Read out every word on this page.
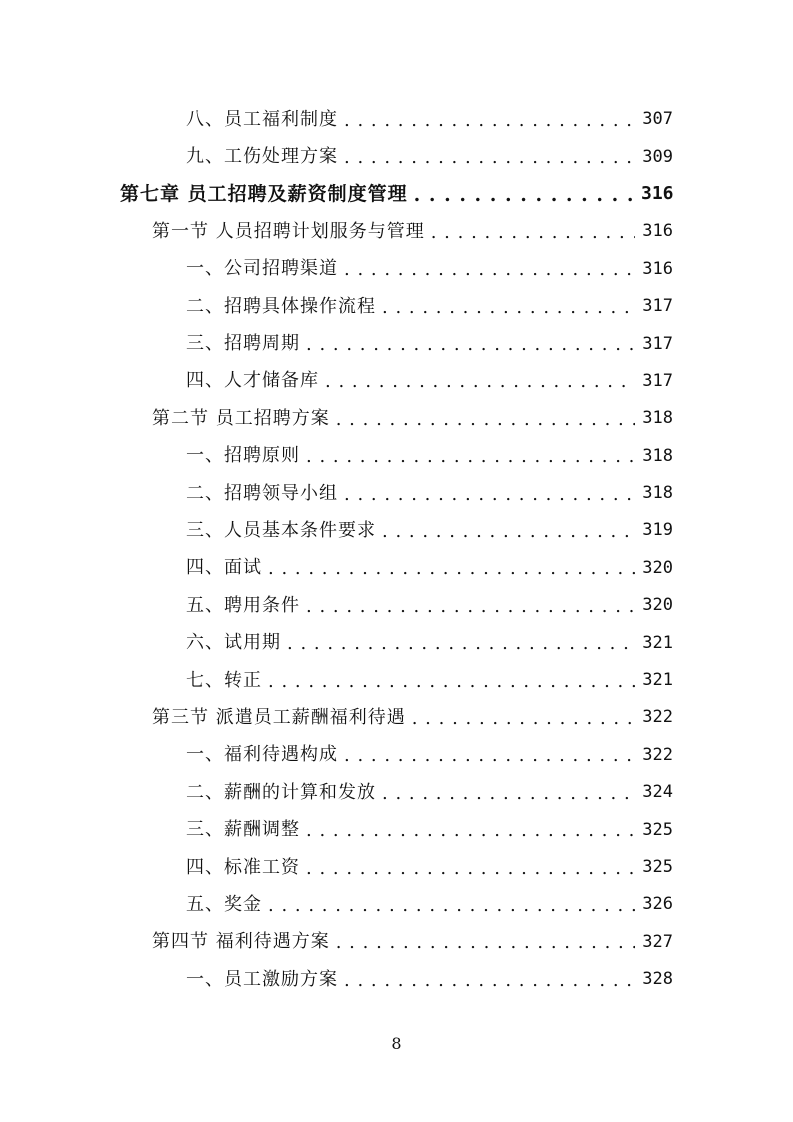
八、员工福利制度 . . .	307
九、工伤处理方案 . . .	309
第七章 员工招聘及薪资制度管理 . . .	316
第一节 人员招聘计划服务与管理 . . .	316
一、公司招聘渠道 . . .	316
二、招聘具体操作流程 . . .	317
三、招聘周期 . . .	317
四、人才储备库 . . .	317
第二节 员工招聘方案 . . .	318
一、招聘原则 . . .	318
二、招聘领导小组 . . .	318
三、人员基本条件要求 . . .	319
四、面试 . . .	320
五、聘用条件 . . .	320
六、试用期 . . .	321
七、转正 . . .	321
第三节 派遣员工薪酬福利待遇 . . .	322
一、福利待遇构成 . . .	322
二、薪酬的计算和发放 . . .	324
三、薪酬调整 . . .	325
四、标准工资 . . .	325
五、奖金 . . .	326
第四节 福利待遇方案 . . .	327
一、员工激励方案 . . .	328
8
